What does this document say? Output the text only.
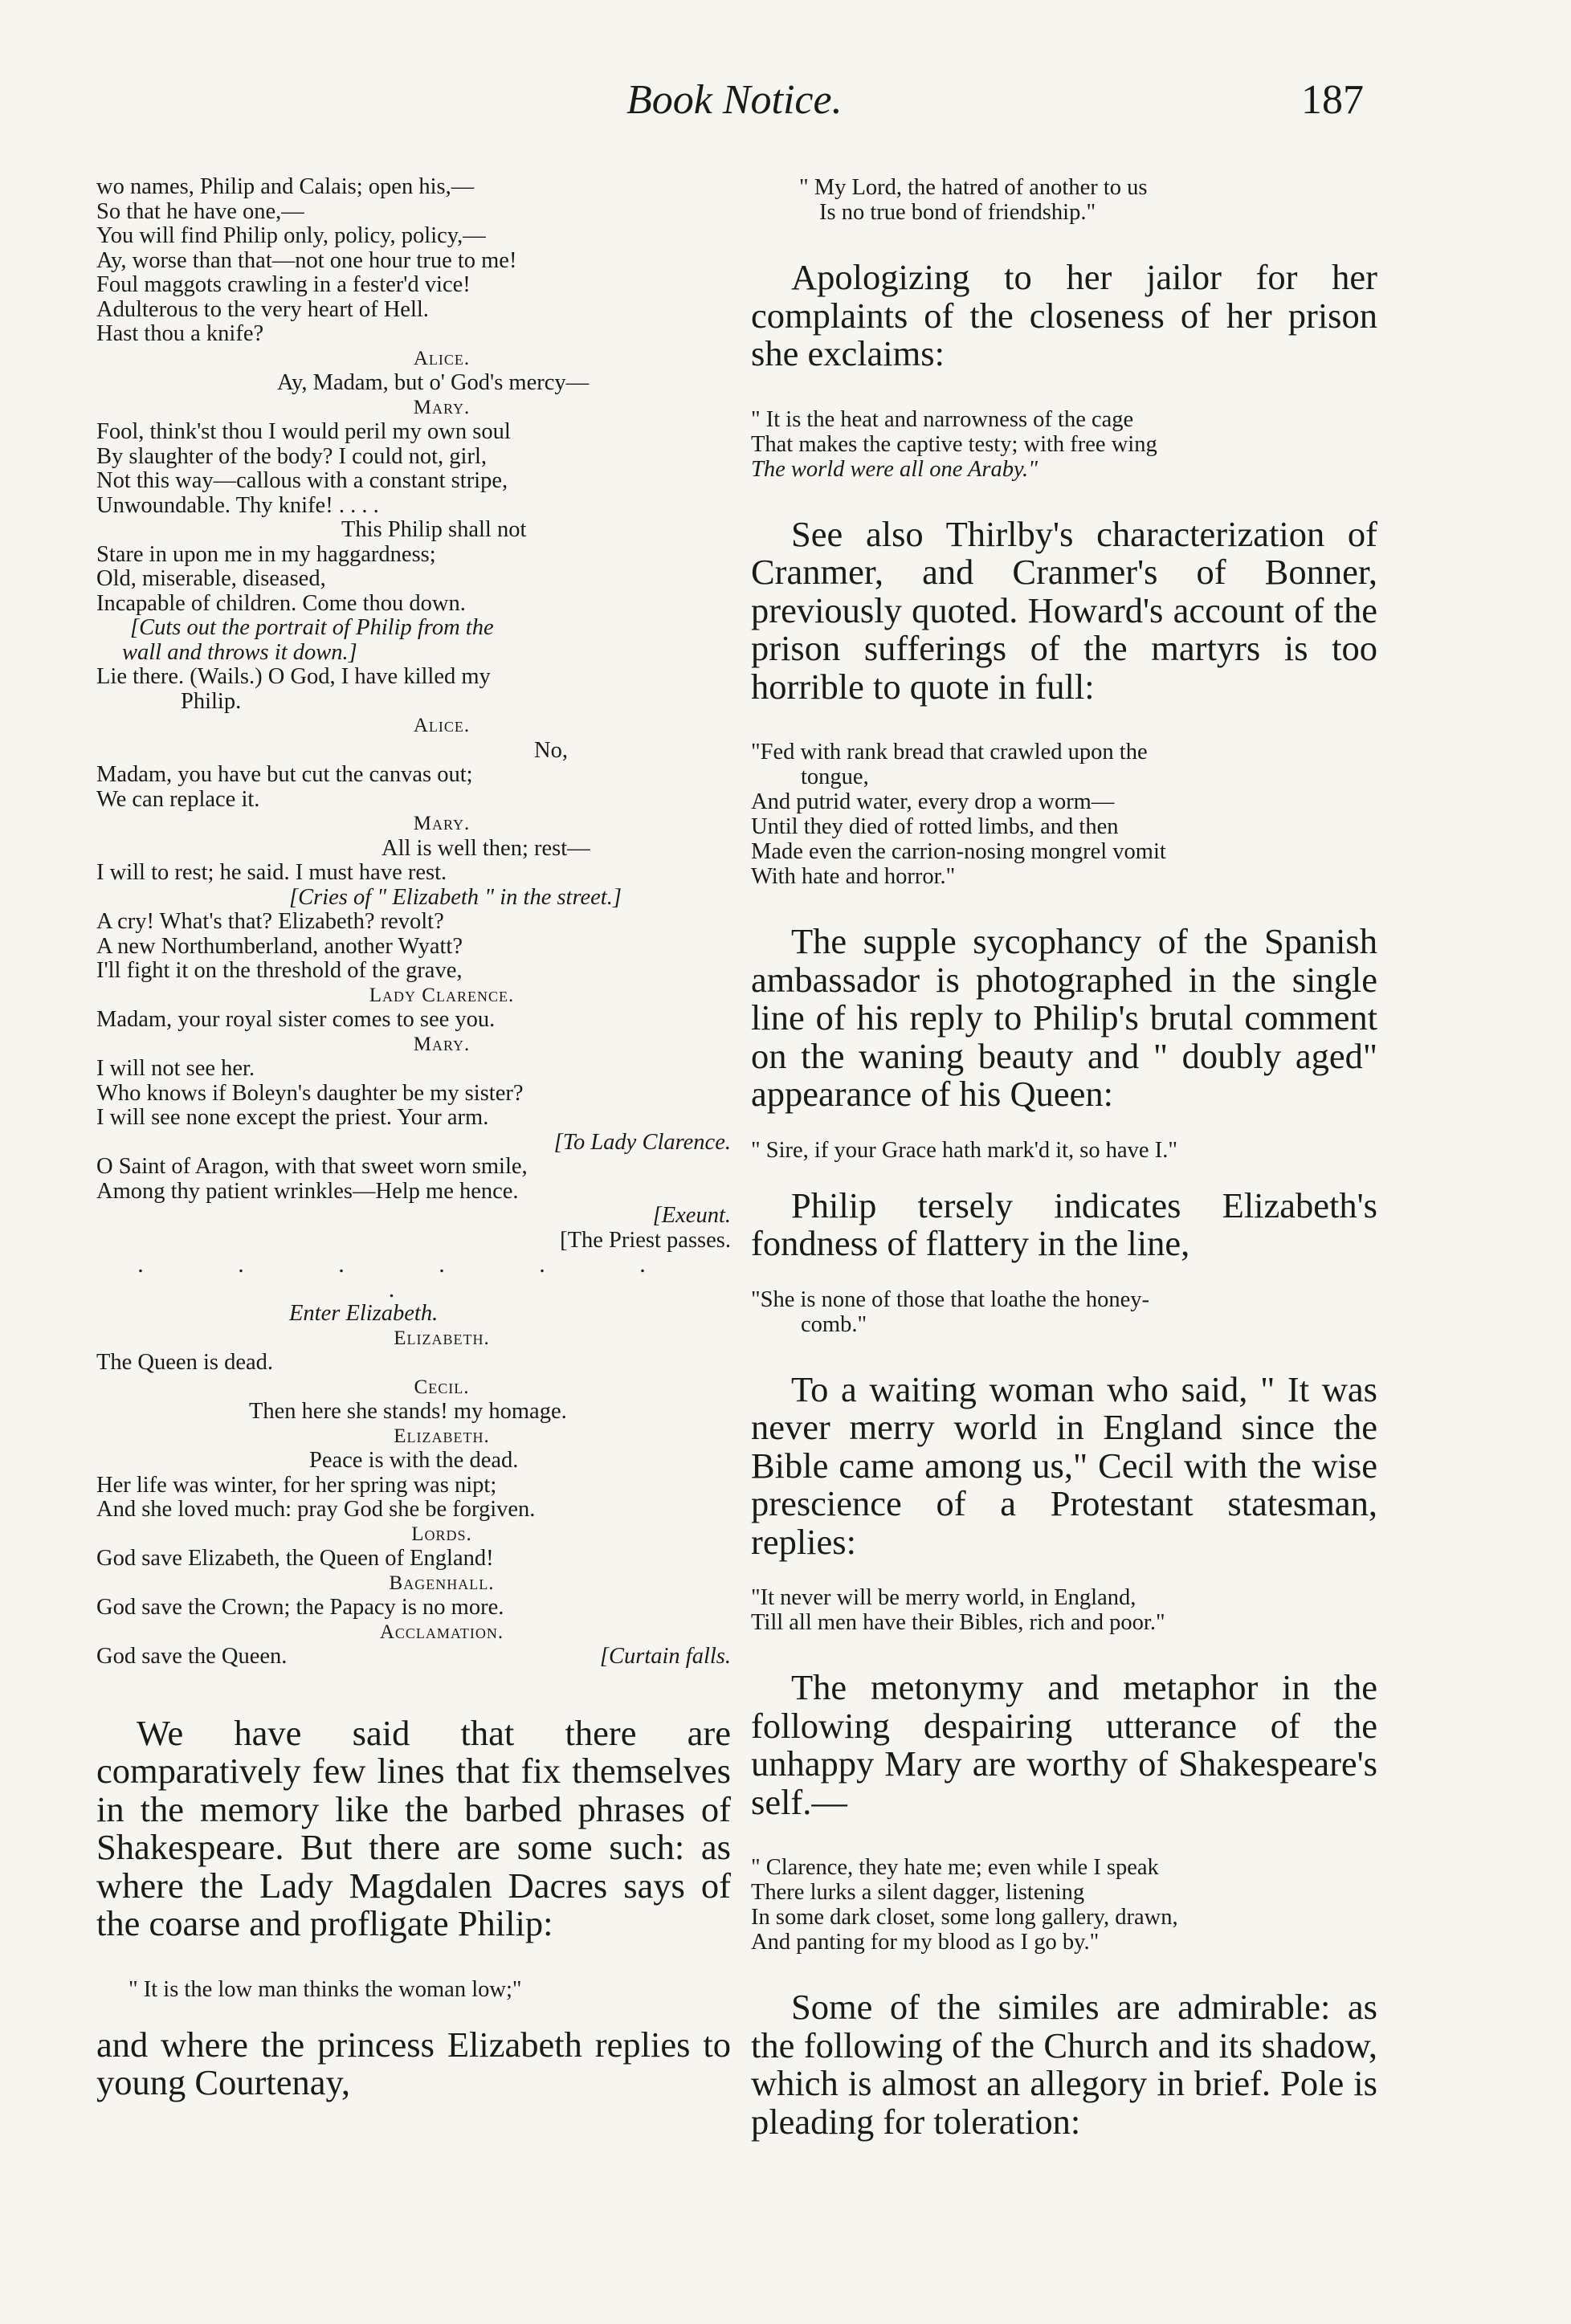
Book Notice.	187
wo names, Philip and Calais; open his,—
So that he have one,—
You will find Philip only, policy, policy,—
Ay, worse than that—not one hour true to me!
Foul maggots crawling in a fester'd vice!
Adulterous to the very heart of Hell.
Hast thou a knife?
Alice.
Ay, Madam, but o' God's mercy—
Mary.
Fool, think'st thou I would peril my own soul
By slaughter of the body? I could not, girl,
Not this way—callous with a constant stripe,
Unwoundable. Thy knife! . . . .
This Philip shall not
Stare in upon me in my haggardness;
Old, miserable, diseased,
Incapable of children. Come thou down.
[Cuts out the portrait of Philip from the
wall and throws it down.]
Lie there. (Wails.) O God, I have killed my
Philip.
Alice.
No,
Madam, you have but cut the canvas out;
We can replace it.
Mary.
All is well then; rest—
I will to rest; he said. I must have rest.
[Cries of " Elizabeth " in the street.]
A cry! What's that? Elizabeth? revolt?
A new Northumberland, another Wyatt?
I'll fight it on the threshold of the grave,
Lady Clarence.
Madam, your royal sister comes to see you.
Mary.
I will not see her.
Who knows if Boleyn's daughter be my sister?
I will see none except the priest. Your arm.
[To Lady Clarence.
O Saint of Aragon, with that sweet worn smile,
Among thy patient wrinkles—Help me hence.
[Exeunt.
[The Priest passes.
. . . . . . .
Enter Elizabeth.
Elizabeth.
The Queen is dead.
Cecil.
Then here she stands! my homage.
Elizabeth.
Peace is with the dead.
Her life was winter, for her spring was nipt;
And she loved much: pray God she be forgiven.
Lords.
God save Elizabeth, the Queen of England!
Bagenhall.
God save the Crown; the Papacy is no more.
Acclamation.
God save the Queen.	[Curtain falls.

We have said that there are comparatively few lines that fix themselves in the memory like the barbed phrases of Shakespeare. But there are some such: as where the Lady Magdalen Dacres says of the coarse and profligate Philip:

" It is the low man thinks the woman low;"

and where the princess Elizabeth replies to young Courtenay,

" My Lord, the hatred of another to us
Is no true bond of friendship."

Apologizing to her jailor for her complaints of the closeness of her prison she exclaims:

" It is the heat and narrowness of the cage
That makes the captive testy; with free wing
The world were all one Araby."

See also Thirlby's characterization of Cranmer, and Cranmer's of Bonner, previously quoted. Howard's account of the prison sufferings of the martyrs is too horrible to quote in full:

"Fed with rank bread that crawled upon the
tongue,
And putrid water, every drop a worm—
Until they died of rotted limbs, and then
Made even the carrion-nosing mongrel vomit
With hate and horror."

The supple sycophancy of the Spanish ambassador is photographed in the single line of his reply to Philip's brutal comment on the waning beauty and " doubly aged" appearance of his Queen:

" Sire, if your Grace hath mark'd it, so have I."

Philip tersely indicates Elizabeth's fondness of flattery in the line,

"She is none of those that loathe the honey-
comb."

To a waiting woman who said, " It was never merry world in England since the Bible came among us," Cecil with the wise prescience of a Protestant statesman, replies:

"It never will be merry world, in England,
Till all men have their Bibles, rich and poor."

The metonymy and metaphor in the following despairing utterance of the unhappy Mary are worthy of Shakespeare's self.—

" Clarence, they hate me; even while I speak
There lurks a silent dagger, listening
In some dark closet, some long gallery, drawn,
And panting for my blood as I go by."

Some of the similes are admirable: as the following of the Church and its shadow, which is almost an allegory in brief. Pole is pleading for toleration:
